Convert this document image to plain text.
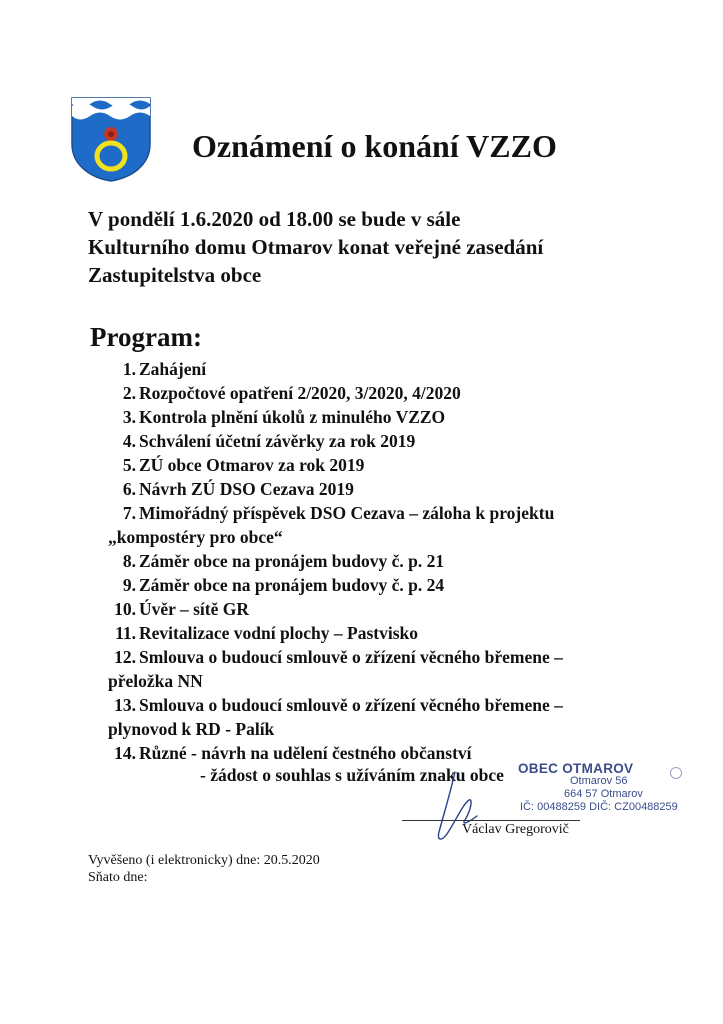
Oznámení o konání VZZO

V pondělí 1.6.2020 od 18.00 se bude v sále
Kulturního domu Otmarov konat veřejné zasedání
Zastupitelstva obce

Program:
1. Zahájení
2. Rozpočtové opatření 2/2020, 3/2020, 4/2020
3. Kontrola plnění úkolů z minulého VZZO
4. Schválení účetní závěrky za rok 2019
5. ZÚ obce Otmarov za rok 2019
6. Návrh ZÚ DSO Cezava 2019
7. Mimořádný příspěvek DSO Cezava – záloha k projektu
„kompostéry pro obce“
8. Záměr obce na pronájem budovy č. p. 21
9. Záměr obce na pronájem budovy č. p. 24
10. Úvěr – sítě GR
11. Revitalizace vodní plochy – Pastvisko
12. Smlouva o budoucí smlouvě o zřízení věcného břemene –
přeložka NN
13. Smlouva o budoucí smlouvě o zřízení věcného břemene –
plynovod k RD - Palík
14. Různé - návrh na udělení čestného občanství

- žádost o souhlas s užíváním znaku obce OBEC OTMAROV
Otmarov 56
664 57 Otmarov
IČ: 00488259 DIČ: CZ00488259

Václav Gregorovič

Vyvěšeno (i elektronicky) dne: 20.5.2020
Sňato dne:
